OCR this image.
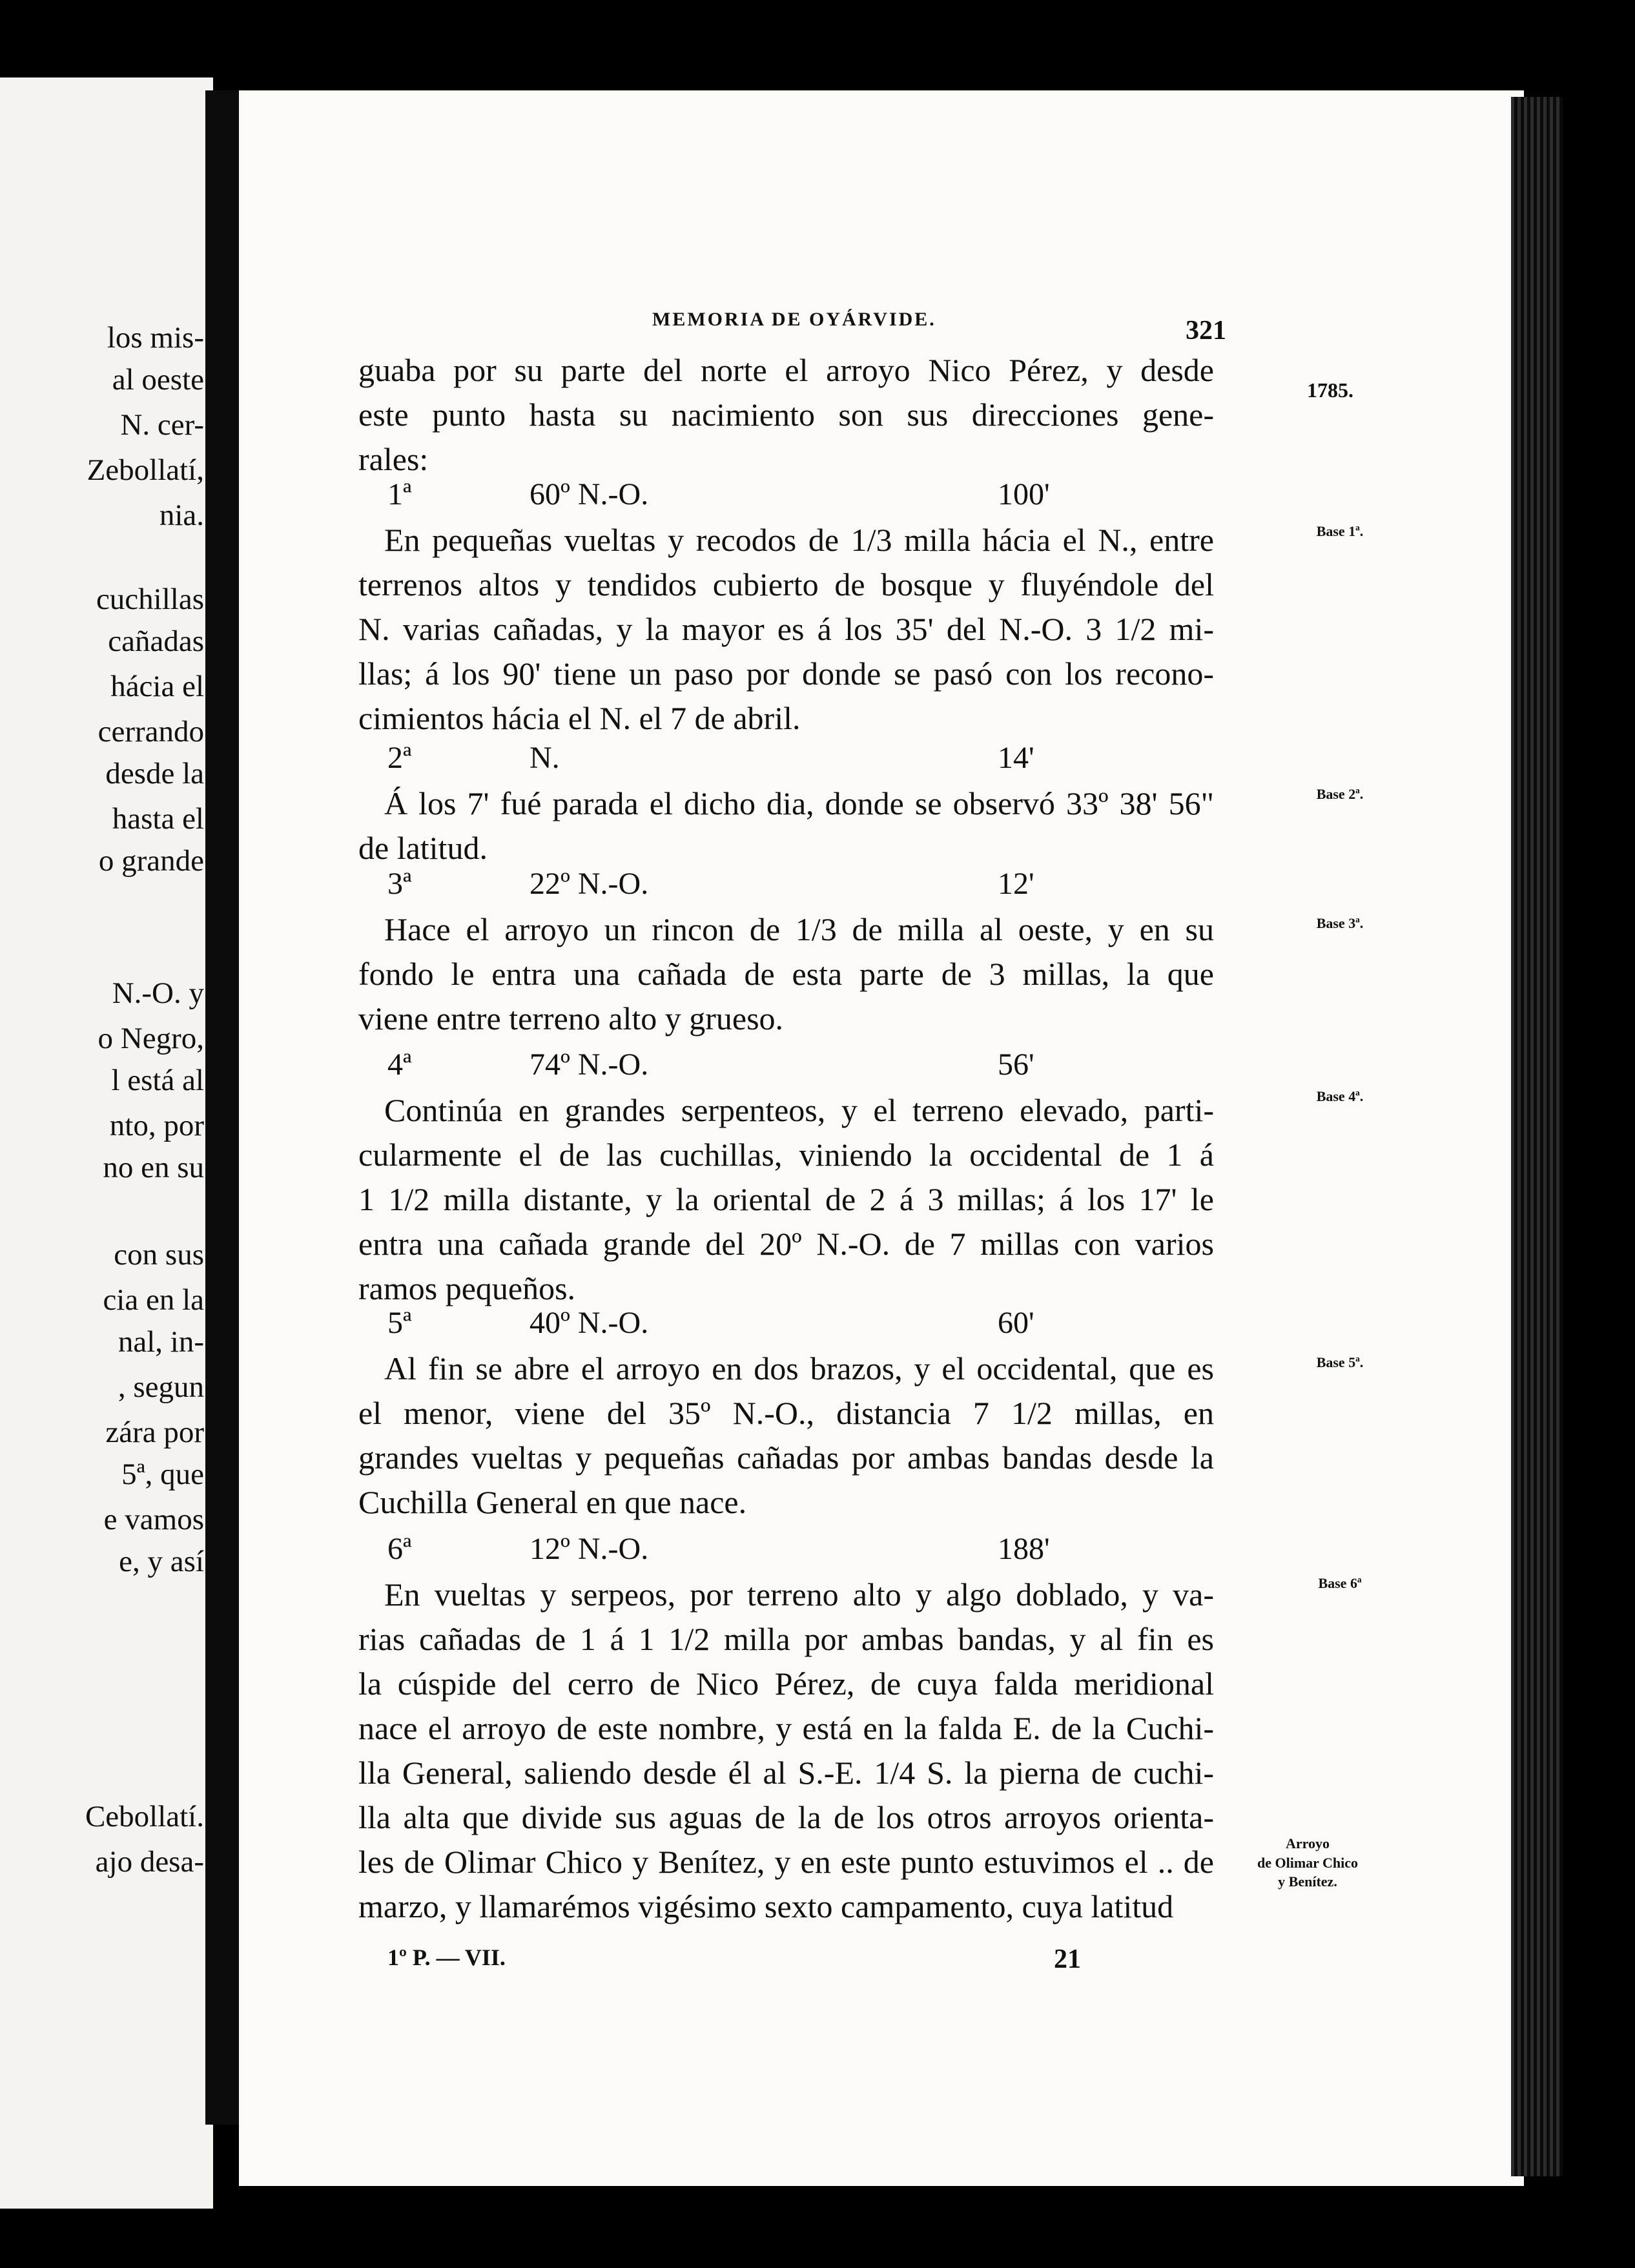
los mis-
al oeste
N. cer-
Zebollatí,
nia.
cuchillas
cañadas
hácia el
cerrando
desde la
hasta el
o grande
N.-O. y
o Negro,
l está al
nto, por
no en su
con sus
cia en la
nal, in-
, segun
zára por
5ª, que
e vamos
e, y así
Cebollatí.
ajo desa-
MEMORIA DE OYÁRVIDE.	321
1785.
guaba por su parte del norte el arroyo Nico Pérez, y desde
este punto hasta su nacimiento son sus direcciones gene-
rales:
1ª	60º N.-O.	100'
En pequeñas vueltas y recodos de 1/3 milla hácia el N., entre
terrenos altos y tendidos cubierto de bosque y fluyéndole del
N. varias cañadas, y la mayor es á los 35' del N.-O. 3 1/2 mi-
llas; á los 90' tiene un paso por donde se pasó con los recono-
cimientos hácia el N. el 7 de abril.
2ª	N.	14'
Á los 7' fué parada el dicho dia, donde se observó 33º 38' 56"
de latitud.
3ª	22º N.-O.	12'
Hace el arroyo un rincon de 1/3 de milla al oeste, y en su
fondo le entra una cañada de esta parte de 3 millas, la que
viene entre terreno alto y grueso.
4ª	74º N.-O.	56'
Continúa en grandes serpenteos, y el terreno elevado, parti-
cularmente el de las cuchillas, viniendo la occidental de 1 á
1 1/2 milla distante, y la oriental de 2 á 3 millas; á los 17' le
entra una cañada grande del 20º N.-O. de 7 millas con varios
ramos pequeños.
5ª	40º N.-O.	60'
Al fin se abre el arroyo en dos brazos, y el occidental, que es
el menor, viene del 35º N.-O., distancia 7 1/2 millas, en
grandes vueltas y pequeñas cañadas por ambas bandas desde la
Cuchilla General en que nace.
6ª	12º N.-O.	188'
En vueltas y serpeos, por terreno alto y algo doblado, y va-
rias cañadas de 1 á 1 1/2 milla por ambas bandas, y al fin es
la cúspide del cerro de Nico Pérez, de cuya falda meridional
nace el arroyo de este nombre, y está en la falda E. de la Cuchi-
lla General, saliendo desde él al S.-E. 1/4 S. la pierna de cuchi-
lla alta que divide sus aguas de la de los otros arroyos orienta-
les de Olimar Chico y Benítez, y en este punto estuvimos el .. de
marzo, y llamarémos vigésimo sexto campamento, cuya latitud
Base 1ª.
Base 2ª.
Base 3ª.
Base 4ª.
Base 5ª.
Base 6ª
Arroyo
de Olimar Chico
y Benítez.
1º P. — VII.	21
